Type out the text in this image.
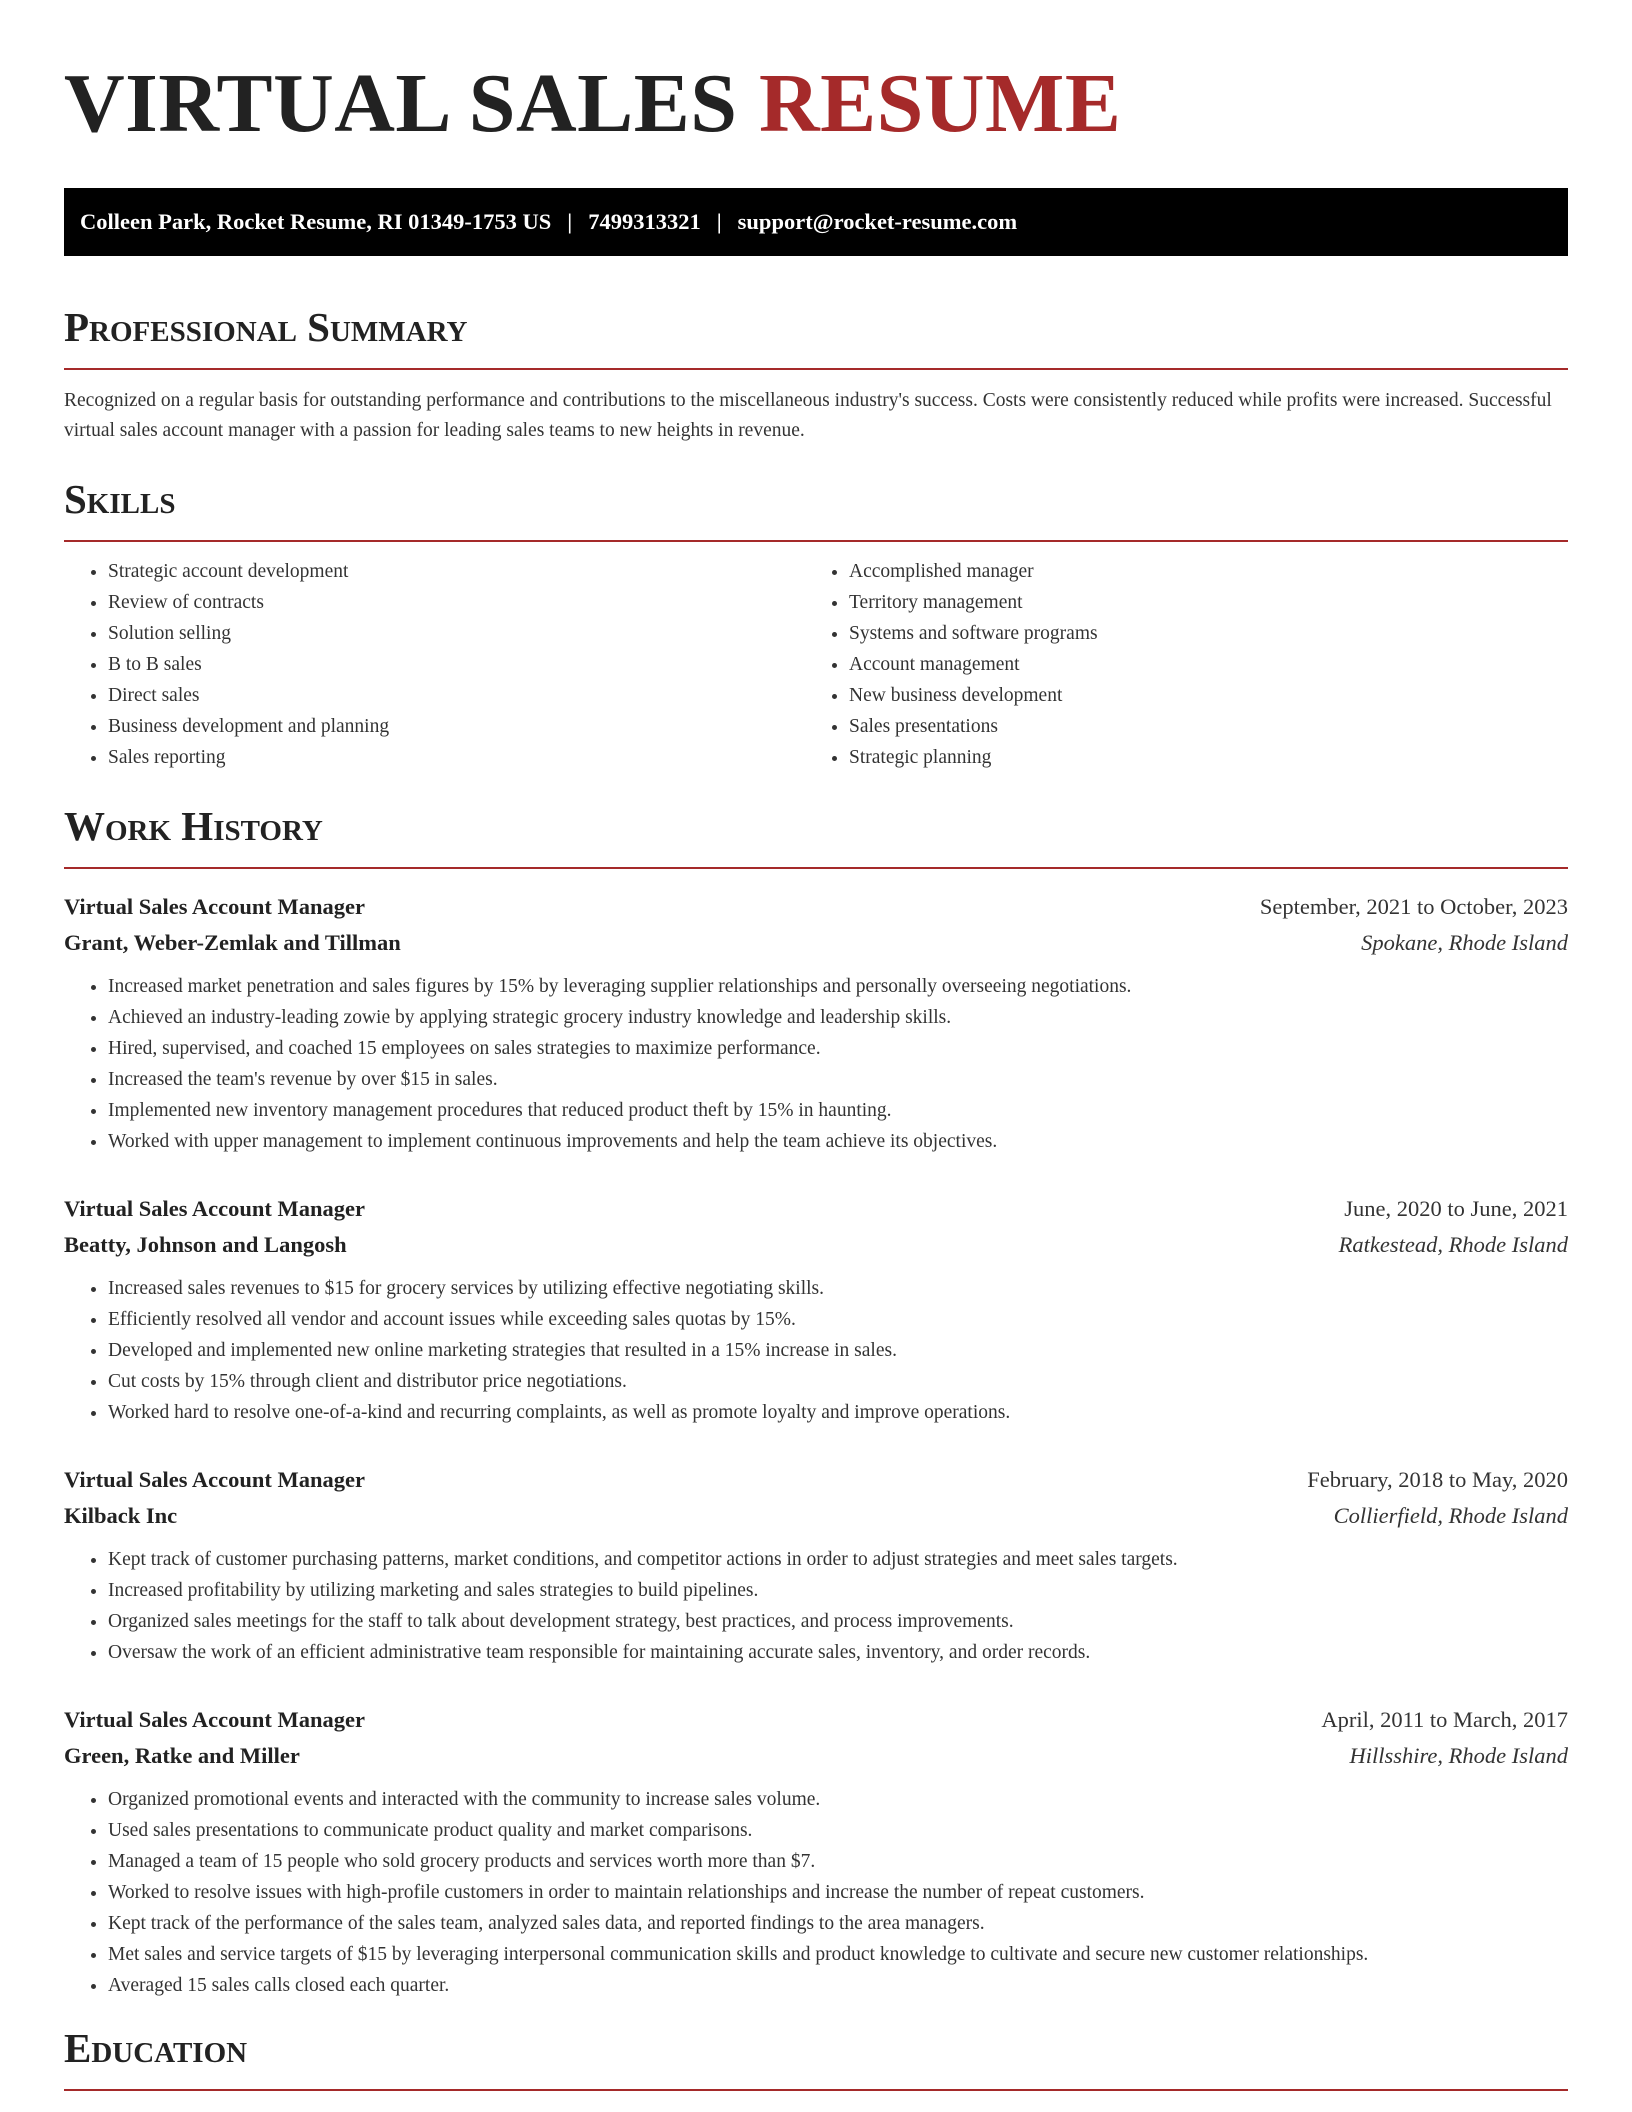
VIRTUAL SALES RESUME
Colleen Park, Rocket Resume, RI 01349-1753 US | 7499313321 | support@rocket-resume.com
Professional Summary

Recognized on a regular basis for outstanding performance and contributions to the miscellaneous industry's success. Costs were consistently reduced while profits were increased. Successful virtual sales account manager with a passion for leading sales teams to new heights in revenue.

Skills
• Strategic account development
• Review of contracts
• Solution selling
• B to B sales
• Direct sales
• Business development and planning
• Sales reporting
• Accomplished manager
• Territory management
• Systems and software programs
• Account management
• New business development
• Sales presentations
• Strategic planning
Work History
Virtual Sales Account Manager	September, 2021 to October, 2023
Grant, Weber-Zemlak and Tillman	Spokane, Rhode Island
• Increased market penetration and sales figures by 15% by leveraging supplier relationships and personally overseeing negotiations.
• Achieved an industry-leading zowie by applying strategic grocery industry knowledge and leadership skills.
• Hired, supervised, and coached 15 employees on sales strategies to maximize performance.
• Increased the team's revenue by over $15 in sales.
• Implemented new inventory management procedures that reduced product theft by 15% in haunting.
• Worked with upper management to implement continuous improvements and help the team achieve its objectives.
Virtual Sales Account Manager	June, 2020 to June, 2021
Beatty, Johnson and Langosh	Ratkestead, Rhode Island
• Increased sales revenues to $15 for grocery services by utilizing effective negotiating skills.
• Efficiently resolved all vendor and account issues while exceeding sales quotas by 15%.
• Developed and implemented new online marketing strategies that resulted in a 15% increase in sales.
• Cut costs by 15% through client and distributor price negotiations.
• Worked hard to resolve one-of-a-kind and recurring complaints, as well as promote loyalty and improve operations.
Virtual Sales Account Manager	February, 2018 to May, 2020
Kilback Inc	Collierfield, Rhode Island
• Kept track of customer purchasing patterns, market conditions, and competitor actions in order to adjust strategies and meet sales targets.
• Increased profitability by utilizing marketing and sales strategies to build pipelines.
• Organized sales meetings for the staff to talk about development strategy, best practices, and process improvements.
• Oversaw the work of an efficient administrative team responsible for maintaining accurate sales, inventory, and order records.
Virtual Sales Account Manager	April, 2011 to March, 2017
Green, Ratke and Miller	Hillsshire, Rhode Island
• Organized promotional events and interacted with the community to increase sales volume.
• Used sales presentations to communicate product quality and market comparisons.
• Managed a team of 15 people who sold grocery products and services worth more than $7.
• Worked to resolve issues with high-profile customers in order to maintain relationships and increase the number of repeat customers.
• Kept track of the performance of the sales team, analyzed sales data, and reported findings to the area managers.
• Met sales and service targets of $15 by leveraging interpersonal communication skills and product knowledge to cultivate and secure new customer relationships.
• Averaged 15 sales calls closed each quarter.
Education
